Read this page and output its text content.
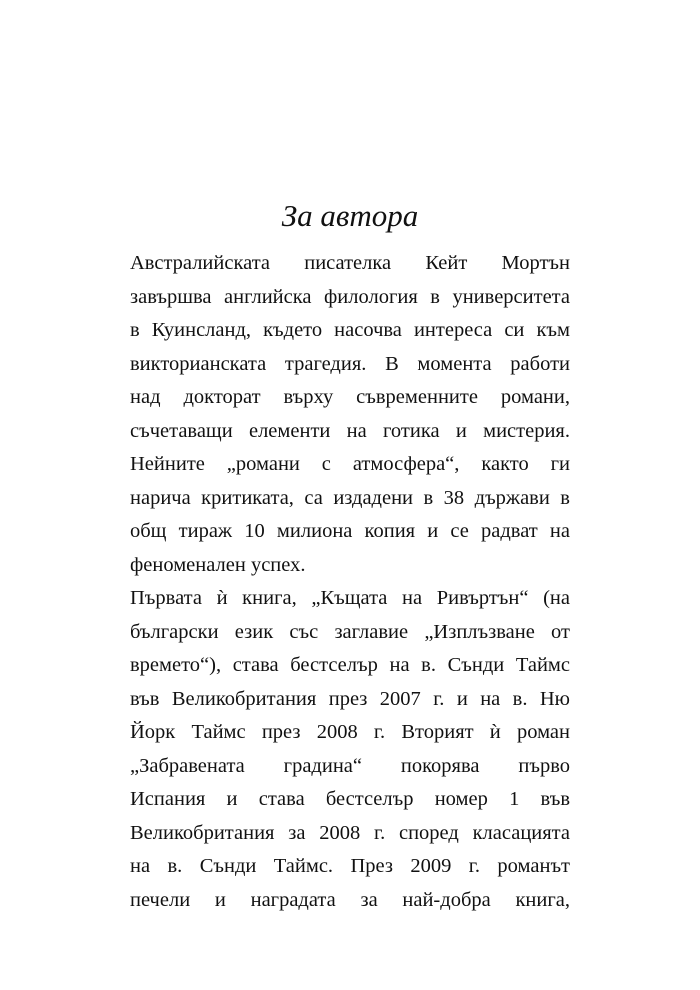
За автора
Австралийската писателка Кейт Мортън
завършва английска филология в университета
в Куинсланд, където насочва интереса си към
викторианската трагедия. В момента работи
над докторат върху съвременните романи,
съчетаващи елементи на готика и мистерия.
Нейните „романи с атмосфера“, както ги
нарича критиката, са издадени в 38 държави в
общ тираж 10 милиона копия и се радват на
феноменален успех.
Първата ѝ книга, „Къщата на Ривъртън“ (на
български език със заглавие „Изплъзване от
времето“), става бестселър на в. Сънди Таймс
във Великобритания през 2007 г. и на в. Ню
Йорк Таймс през 2008 г. Вторият ѝ роман
„Забравената градина“ покорява първо
Испания и става бестселър номер 1 във
Великобритания за 2008 г. според класацията
на в. Сънди Таймс. През 2009 г. романът
печели и наградата за най-добра книга,
